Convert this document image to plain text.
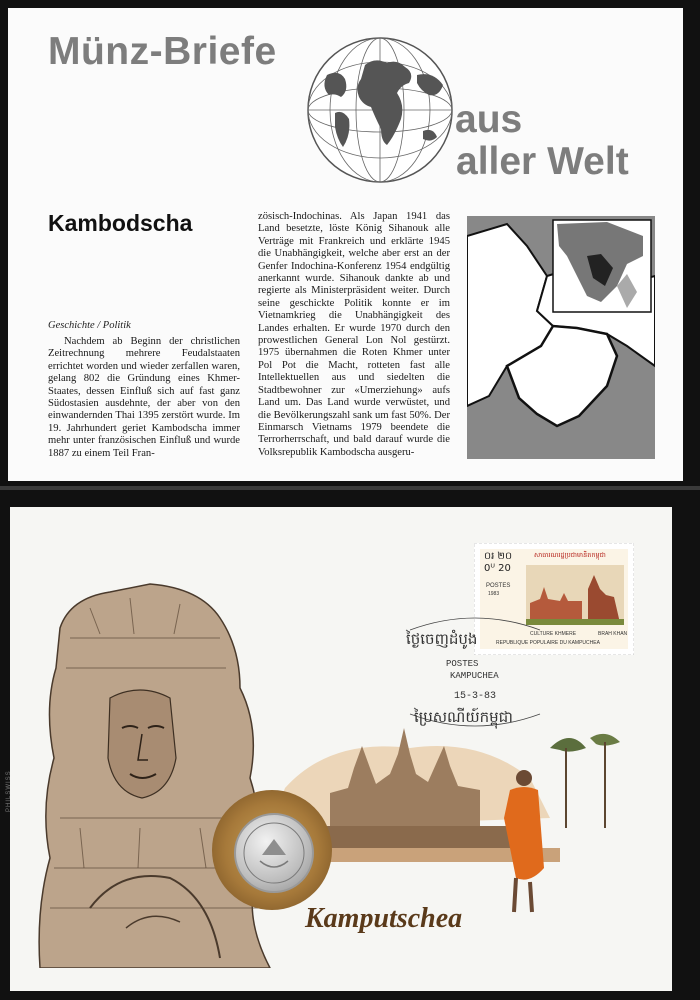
Münz-Briefe
aus
aller Welt
Kambodscha
Geschichte / Politik
Nachdem ab Beginn der christlichen Zeitrechnung mehrere Feudalstaaten errichtet worden und wieder zerfallen waren, gelang 802 die Gründung eines Khmer-Staates, dessen Einfluß sich auf fast ganz Südostasien ausdehnte, der aber von den einwandernden Thai 1395 zerstört wurde. Im 19. Jahrhundert geriet Kambodscha immer mehr unter französischen Einfluß und wurde 1887 zu einem Teil Fran-
zösisch-Indochinas. Als Japan 1941 das Land besetzte, löste König Sihanouk alle Verträge mit Frankreich und erklärte 1945 die Unabhängigkeit, welche aber erst an der Genfer Indochina-Konferenz 1954 endgültig anerkannt wurde. Sihanouk dankte ab und regierte als Ministerpräsident weiter. Durch seine geschickte Politik konnte er im Vietnamkrieg die Unabhängigkeit des Landes erhalten. Er wurde 1970 durch den prowestlichen General Lon Nol gestürzt. 1975 übernahmen die Roten Khmer unter Pol Pot die Macht, rotteten fast alle Intellektuellen aus und siedelten die Stadtbewohner zur «Umerziehung» aufs Land um. Das Land wurde verwüstet, und die Bevölkerungszahl sank um fast 50%. Der Einmarsch Vietnams 1979 beendete die Terrorherrschaft, und bald darauf wurde die Volksrepublik Kambodscha ausgeru-
PHILSWISS
០៛ ២០
0ᵁ 20
សាធារណរដ្ឋប្រជាមានិតកម្ពុជា
POSTES
1983
CULTURE KHMERE	BRAH KHAN
REPUBLIQUE POPULAIRE DU KAMPUCHEA
ថៃ្ងចេញដំបូង
POSTES
KAMPUCHEA
15-3-83
ប្រៃសណីយ៍កម្ពុជា
Kamputschea
